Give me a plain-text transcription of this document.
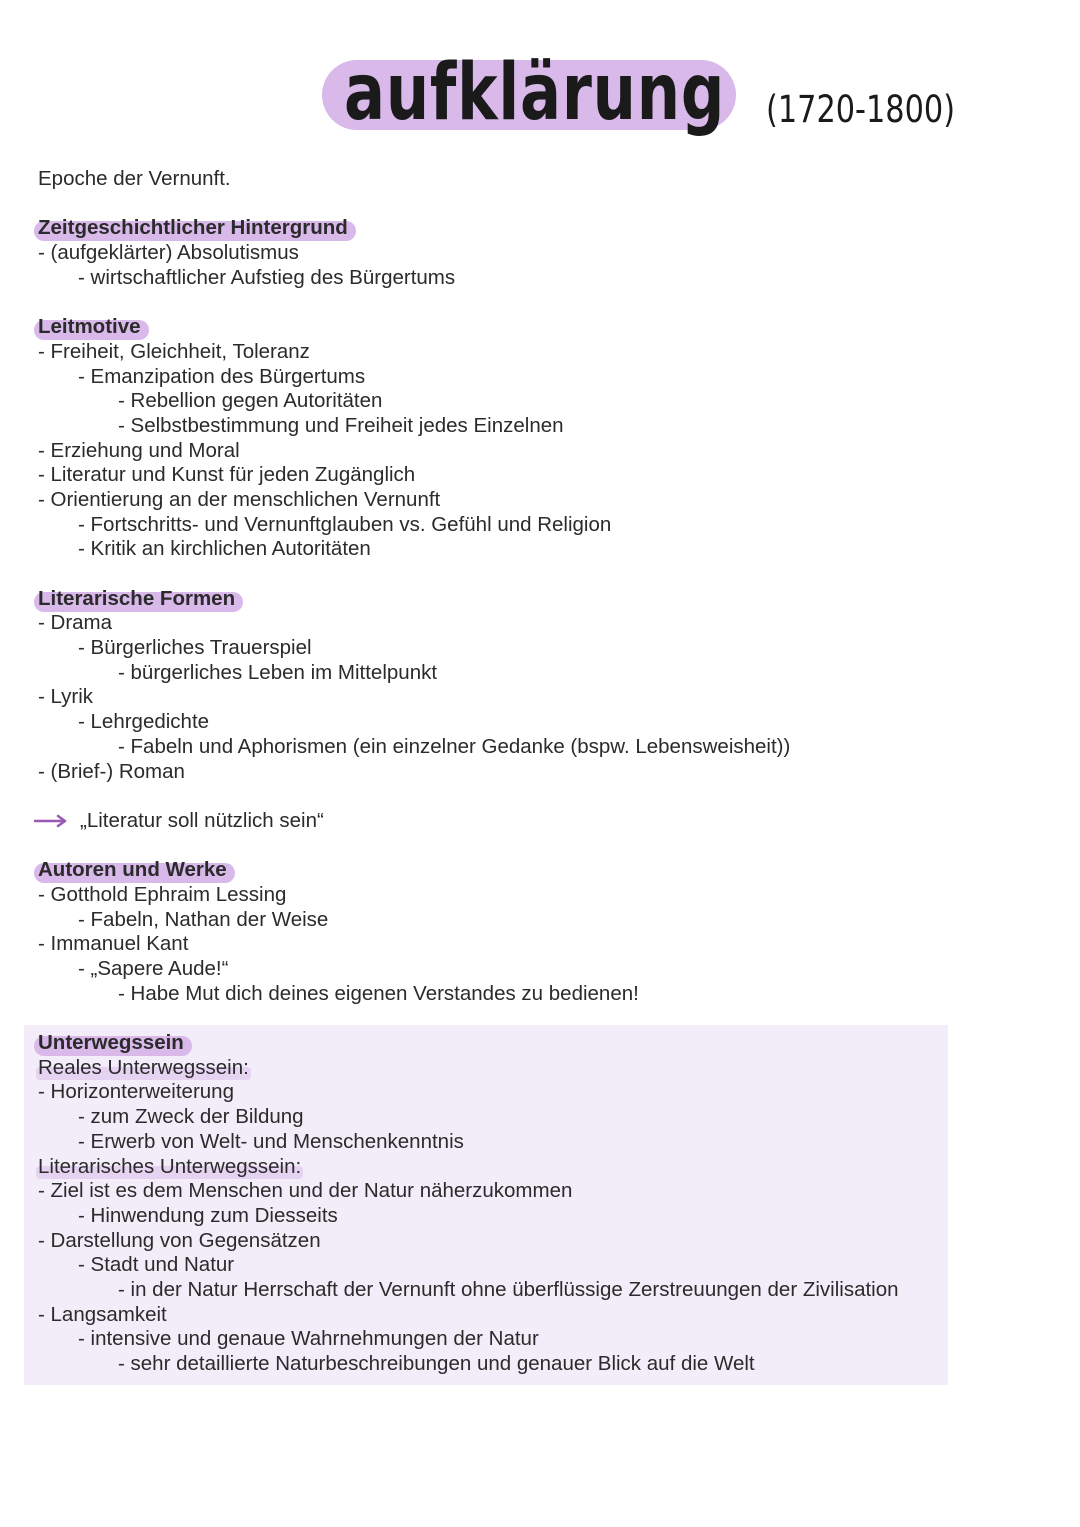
aufklärung (1720-1800)
Epoche der Vernunft.
Zeitgeschichtlicher Hintergrund
- (aufgeklärter) Absolutismus
- wirtschaftlicher Aufstieg des Bürgertums
Leitmotive
- Freiheit, Gleichheit, Toleranz
- Emanzipation des Bürgertums
- Rebellion gegen Autoritäten
- Selbstbestimmung und Freiheit jedes Einzelnen
- Erziehung und Moral
- Literatur und Kunst für jeden Zugänglich
- Orientierung an der menschlichen Vernunft
- Fortschritts- und Vernunftglauben vs. Gefühl und Religion
- Kritik an kirchlichen Autoritäten
Literarische Formen
- Drama
- Bürgerliches Trauerspiel
- bürgerliches Leben im Mittelpunkt
- Lyrik
- Lehrgedichte
- Fabeln und Aphorismen (ein einzelner Gedanke (bspw. Lebensweisheit))
- (Brief-) Roman
„Literatur soll nützlich sein“
Autoren und Werke
- Gotthold Ephraim Lessing
- Fabeln, Nathan der Weise
- Immanuel Kant
- „Sapere Aude!“
- Habe Mut dich deines eigenen Verstandes zu bedienen!
Unterwegssein
Reales Unterwegssein:
- Horizonterweiterung
- zum Zweck der Bildung
- Erwerb von Welt- und Menschenkenntnis
Literarisches Unterwegssein:
- Ziel ist es dem Menschen und der Natur näherzukommen
- Hinwendung zum Diesseits
- Darstellung von Gegensätzen
- Stadt und Natur
- in der Natur Herrschaft der Vernunft ohne überflüssige Zerstreuungen der Zivilisation
- Langsamkeit
- intensive und genaue Wahrnehmungen der Natur
- sehr detaillierte Naturbeschreibungen und genauer Blick auf die Welt
